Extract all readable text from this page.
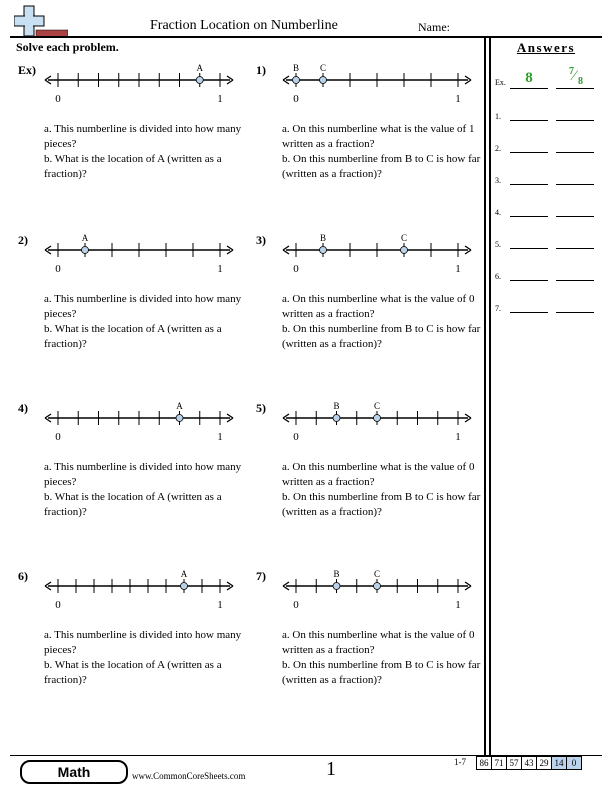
Fraction Location on Numberline	Name:
Solve each problem.	Answers
Ex)
0	1
A
a. This numberline is divided into how many pieces?
b. What is the location of A (written as a fraction)?
1)
0	1
B C
a. On this numberline what is the value of 1 written as a fraction?
b. On this numberline from B to C is how far (written as a fraction)?
2)
0	1
A
a. This numberline is divided into how many pieces?
b. What is the location of A (written as a fraction)?
3)
0	1
B	C
a. On this numberline what is the value of 0 written as a fraction?
b. On this numberline from B to C is how far (written as a fraction)?
4)
0	1
A
a. This numberline is divided into how many pieces?
b. What is the location of A (written as a fraction)?
5)
0	1
B	C
a. On this numberline what is the value of 0 written as a fraction?
b. On this numberline from B to C is how far (written as a fraction)?
6)
0	1
A
a. This numberline is divided into how many pieces?
b. What is the location of A (written as a fraction)?
7)
0	1
B	C
a. On this numberline what is the value of 0 written as a fraction?
b. On this numberline from B to C is how far (written as a fraction)?
Ex.	8	7 ⁄ 8
1.
2.
3.
4.
5.
6.
7.
Math	www.CommonCoreSheets.com	1	1-7	86 71 57 43 29 14 0
